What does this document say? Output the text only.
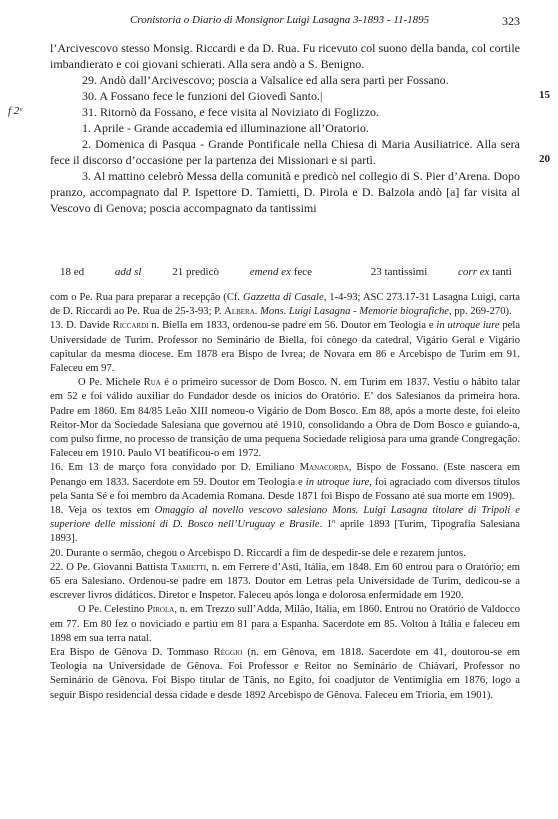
Cronistoria o Diario di Monsignor Luigi Lasagna 3-1893 - 11-1895	323
15
f 2ᵛ
20

l’Arcivescovo stesso Monsig. Riccardi e da D. Rua. Fu ricevuto col suono della banda, col cortile imbandierato e coi giovani schierati. Alla sera andò a S. Benigno.

29. Andò dall’Arcivescovo; poscia a Valsalice ed alla sera partì per Fossano.

30. A Fossano fece le funzioni del Giovedì Santo.|

31. Ritornò da Fossano, e fece visita al Noviziato di Foglizzo.

1. Aprile - Grande accademia ed illuminazione all’Oratorio.

2. Domenica di Pasqua - Grande Pontificale nella Chiesa di Maria Ausiliatrice. Alla sera fece il discorso d’occasione per la partenza dei Missionari e si partì.

3. Al mattino celebrò Messa della comunità e predicò nel collegio di S. Pier d’Arena. Dopo pranzo, accompagnato dal P. Ispettore D. Tamietti, D. Pirola e D. Balzola andò [a] far visita al Vescovo di Genova; poscia accompagnato da tantissimi

18 ed	add sl	21 predicò	emend ex fece	23 tantissimi	corr ex tanti

com o Pe. Rua para preparar a recepção (Cf. Gazzetta di Casale, 1-4-93; ASC 273.17-31 Lasagna Luigi, carta de D. Riccardi ao Pe. Rua de 25-3-93; P. Albera. Mons. Luigi Lasagna - Memorie biografiche, pp. 269-270).

13. D. Davide Riccardi n. Biella em 1833, ordenou-se padre em 56. Doutor em Teologia e in utroque iure pela Universidade de Turim. Professor no Seminário de Biella, foi cônego da catedral, Vigário Geral e Vigário capitular da mesma diocese. Em 1878 era Bispo de Ivrea; de Novara em 86 e Arcebispo de Turim em 91. Faleceu em 97.

O Pe. Michele Rua é o primeiro sucessor de Dom Bosco. N. em Turim em 1837. Vestiu o hábito talar em 52 e foi válido auxiliar do Fundador desde os inícios do Oratório. E’ dos Salesianos da primeira hora. Padre em 1860. Em 84/85 Leão XIII nomeou-o Vigário de Dom Bosco. Em 88, após a morte deste, foi eleito Reitor-Mor da Sociedade Salesiana que governou até 1910, consolidando a Obra de Dom Bosco e guiando-a, com pulso firme, no processo de transição de uma pequena Sociedade religiosa para uma grande Congregação. Faleceu em 1910. Paulo VI beatificou-o em 1972.

16. Em 13 de março fora convidado por D. Emiliano Manacorda, Bispo de Fossano. (Este nascera em Penango em 1833. Sacerdote em 59. Doutor em Teologia e in utroque iure, foi agraciado com diversos títulos pela Santa Sé e foi membro da Academia Romana. Desde 1871 foi Bispo de Fossano até sua morte em 1909).

18. Veja os textos em Omaggio al novello vescovo salesiano Mons. Luigi Lasagna titolare di Tripoli e superiore delle missioni di D. Bosco nell’Uruguay e Brasile. 1º aprile 1893 [Turim, Tipografia Salesiana 1893].

20. Durante o sermão, chegou o Arcebispo D. Riccardi a fim de despedir-se dele e rezarem juntos.

22. O Pe. Giovanni Battista Tamietti, n. em Ferrere d’Asti, Itália, em 1848. Em 60 entrou para o Oratório; em 65 era Salesiano. Ordenou-se padre em 1873. Doutor em Letras pela Universidade de Turim, dedicou-se a escrever livros didáticos. Diretor e Inspetor. Faleceu após longa e dolorosa enfermidade em 1920.

O Pe. Celestino Pirola, n. em Trezzo sull’Adda, Milão, Itália, em 1860. Entrou no Oratório de Valdocco em 77. Em 80 fez o noviciado e partiu em 81 para a Espanha. Sacerdote em 85. Voltou à Itália e faleceu em 1898 em sua terra natal.

Era Bispo de Gênova D. Tommaso Réggio (n. em Gênova, em 1818. Sacerdote em 41, doutorou-se em Teologia na Universidade de Gênova. Foi Professor e Reitor no Seminário de Chiávari, Professor no Seminário de Gênova. Foi Bispo titular de Tânis, no Egito, foi coadjutor de Ventimíglia em 1876, logo a seguir Bispo residencial dessa cidade e desde 1892 Arcebispo de Gênova. Faleceu em Trioria, em 1901).
